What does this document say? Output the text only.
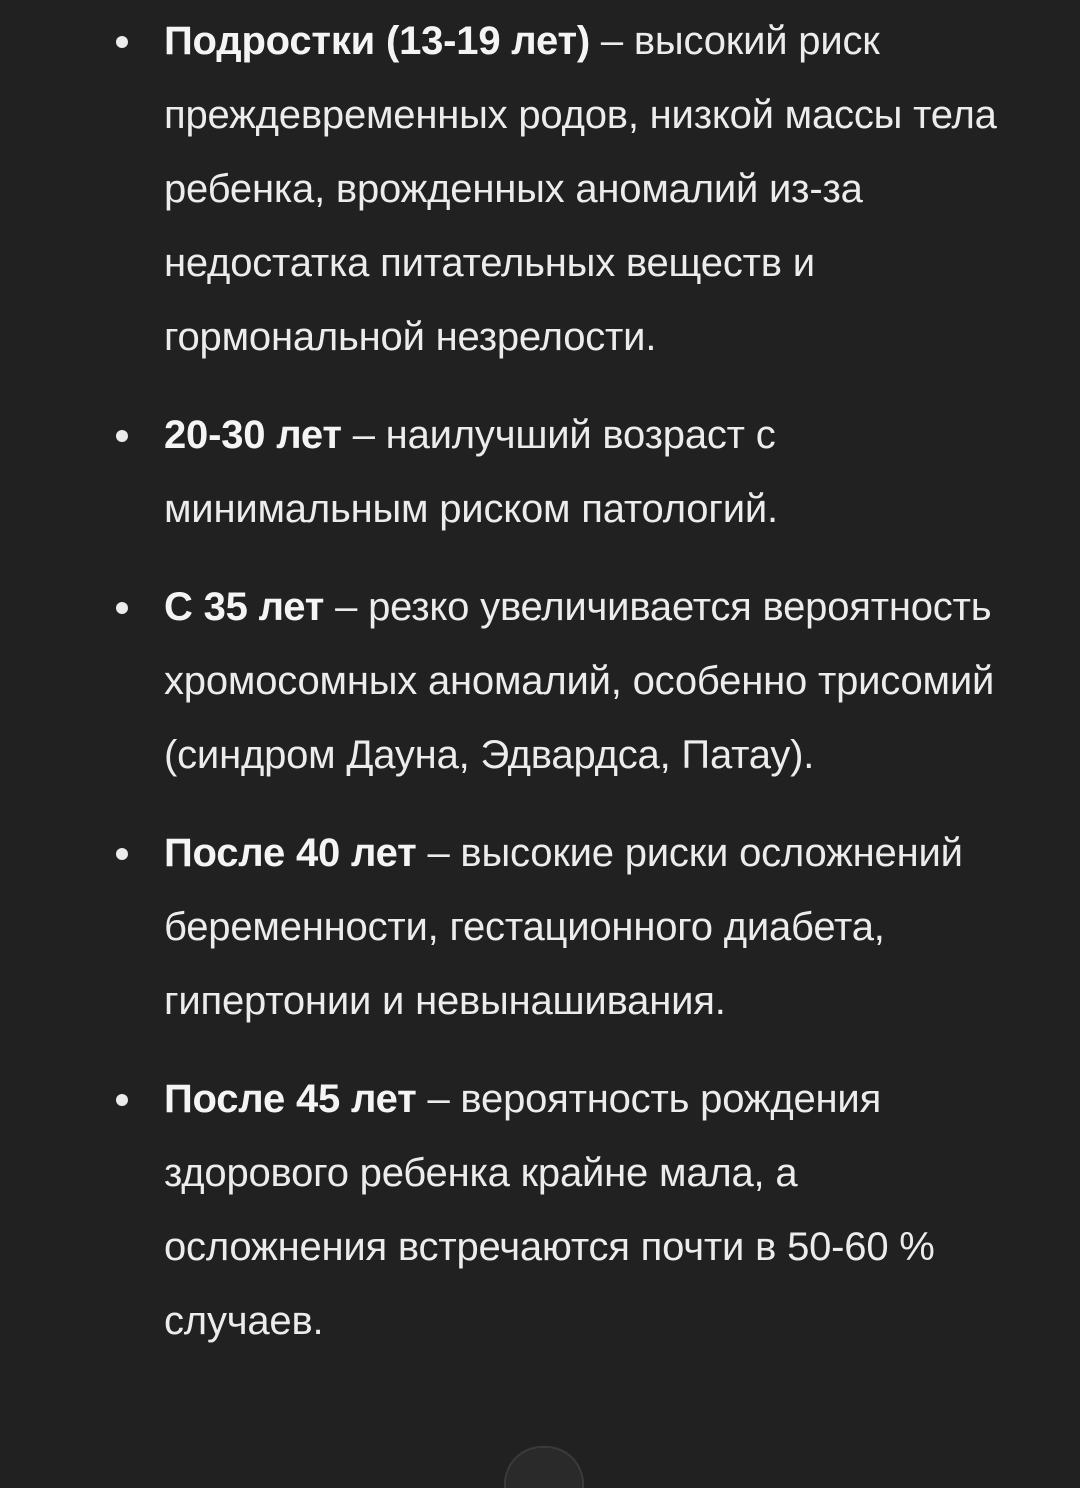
Подростки (13-19 лет) – высокий риск преждевременных родов, низкой массы тела ребенка, врожденных аномалий из-за недостатка питательных веществ и гормональной незрелости.
20-30 лет – наилучший возраст с минимальным риском патологий.
С 35 лет – резко увеличивается вероятность хромосомных аномалий, особенно трисомий (синдром Дауна, Эдвардса, Патау).
После 40 лет – высокие риски осложнений беременности, гестационного диабета, гипертонии и невынашивания.
После 45 лет – вероятность рождения здорового ребенка крайне мала, а осложнения встречаются почти в 50-60 % случаев.
